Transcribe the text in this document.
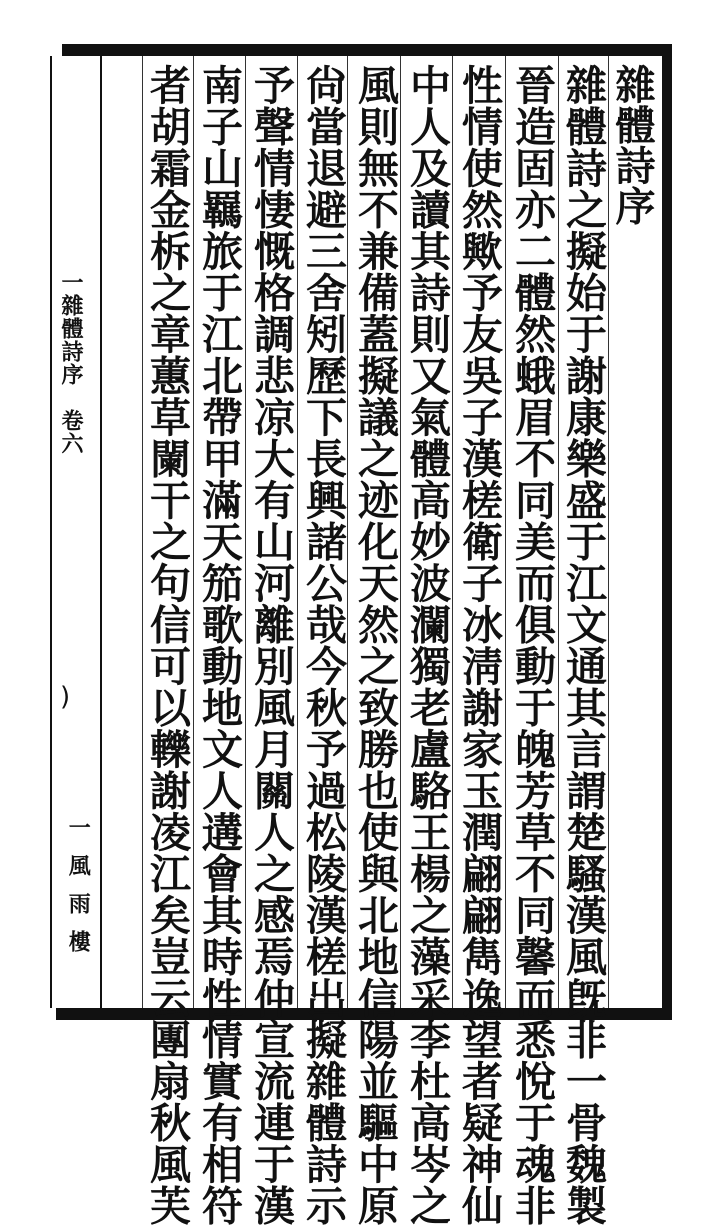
雜體詩序
雜體詩之擬始于謝康樂盛于江文通其言謂楚騷漢風旣非一骨魏製
晉造固亦二體然蛾眉不同美而俱動于魄芳草不同馨而悉悅于魂非
性情使然歟予友吳子漢槎衛子冰淸謝家玉潤翩翩雋逸望者疑神仙
中人及讀其詩則又氣體高妙波瀾獨老盧駱王楊之藻采李杜高岑之
風則無不兼備蓋擬議之迹化天然之致勝也使與北地信陽並驅中原
尙當退避三舍矧歷下長興諸公哉今秋予過松陵漢槎出擬雜體詩示
予聲情悽慨格調悲凉大有山河離別風月關人之感焉仲宣流連于漢
南子山羈旅于江北帶甲滿天笳歌動地文人遘會其時性情實有相符
者胡霜金柝之章蕙草闌干之句信可以轢謝凌江矣豈云團扇秋風芙
一雜體詩序　卷六
)
一風雨樓
